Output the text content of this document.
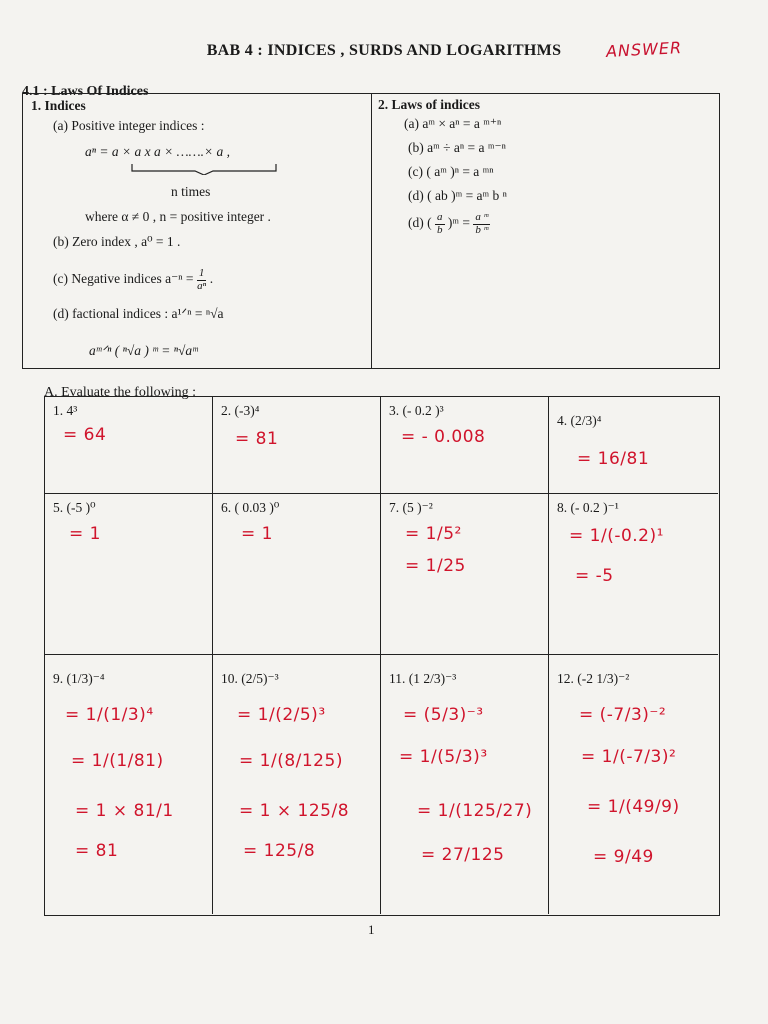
BAB 4 : INDICES , SURDS AND LOGARITHMS	ANSWER
4.1 : Laws Of Indices
1. Indices
(a) Positive integer indices :
aⁿ = a × a x a × …….× a ,
n times
where α ≠ 0 , n = positive integer .
(b) Zero index , a⁰ = 1 .
(c) Negative indices $a^{-n} = \frac{1}{\text{aⁿ}}$ .
(d) factional indices : a¹ᐟⁿ = ⁿ√a
aᵐᐟⁿ ( ⁿ√a ) ᵐ = ⁿ√aᵐ
2. Laws of indices
(a) aᵐ × aⁿ = a ᵐ⁺ⁿ
(b) aᵐ ÷ aⁿ = a ᵐ⁻ⁿ
(c) ( aᵐ )ⁿ = a ᵐⁿ
(d) ( ab )ᵐ = aᵐ b ⁿ
(d) ( $\frac{a}{b}$ )ᵐ = $\frac{\text{a ᵐ}}{\text{b ᵐ}}$
A. Evaluate the following :
1. 4³
= 64
2. (-3)⁴
= 81
3. (- 0.2 )³
= - 0.008
4. (2/3)⁴
= 16/81
5. (-5 )⁰
= 1
6. ( 0.03 )⁰
= 1
7. (5 )⁻²
= 1/5²
= 1/25
8. (- 0.2 )⁻¹
= 1/(-0.2)¹
= -5
9. (1/3)⁻⁴
= 1/(1/3)⁴
= 1/(1/81)
= 1 × 81/1
= 81
10. (2/5)⁻³
= 1/(2/5)³
= 1/(8/125)
= 1 × 125/8
= 125/8
11. (1 2/3)⁻³
= (5/3)⁻³
= 1/(5/3)³
= 1/(125/27)
= 27/125
12. (-2 1/3)⁻²
= (-7/3)⁻²
= 1/(-7/3)²
= 1/(49/9)
= 9/49
1
